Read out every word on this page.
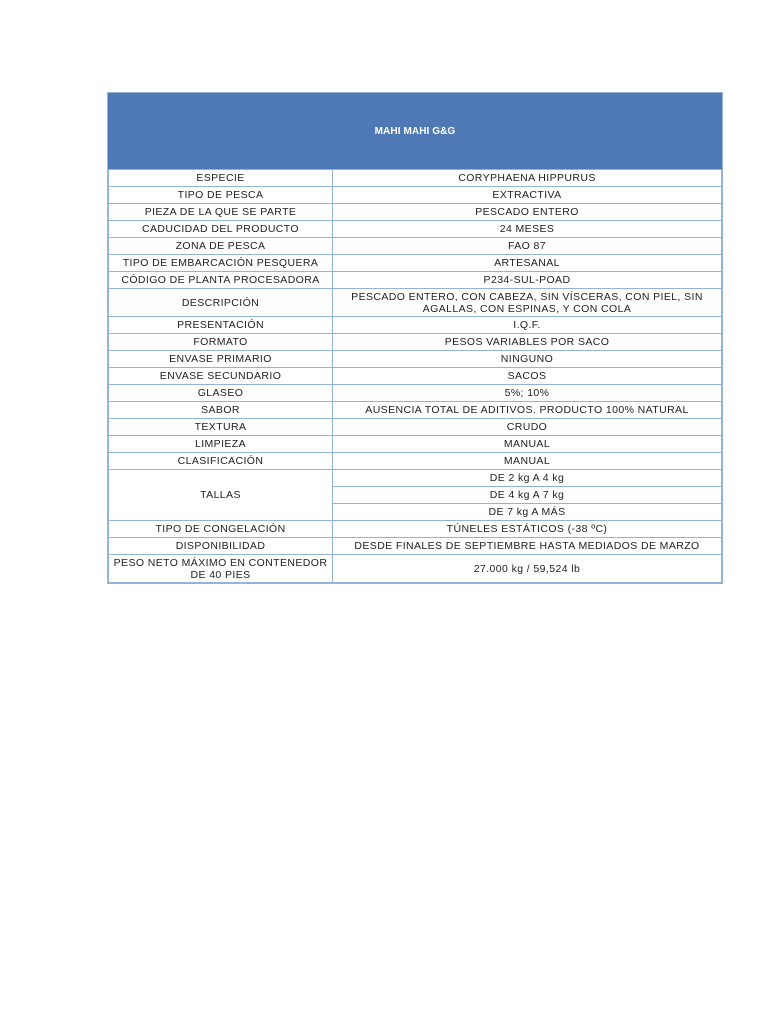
MAHI MAHI G&G
ESPECIE	CORYPHAENA HIPPURUS
TIPO DE PESCA	EXTRACTIVA
PIEZA DE LA QUE SE PARTE	PESCADO ENTERO
CADUCIDAD DEL PRODUCTO	24 MESES
ZONA DE PESCA	FAO 87
TIPO DE EMBARCACIÓN PESQUERA	ARTESANAL
CÓDIGO DE PLANTA PROCESADORA	P234-SUL-POAD
DESCRIPCIÓN	PESCADO ENTERO, CON CABEZA, SIN VÍSCERAS, CON PIEL, SIN AGALLAS, CON ESPINAS, Y CON COLA
PRESENTACIÓN	I.Q.F.
FORMATO	PESOS VARIABLES POR SACO
ENVASE PRIMARIO	NINGUNO
ENVASE SECUNDARIO	SACOS
GLASEO	5%; 10%
SABOR	AUSENCIA TOTAL DE ADITIVOS. PRODUCTO 100% NATURAL
TEXTURA	CRUDO
LIMPIEZA	MANUAL
CLASIFICACIÓN	MANUAL
TALLAS	DE 2 kg A 4 kg
	DE 4 kg A 7 kg
	DE 7 kg A MÁS
TIPO DE CONGELACIÓN	TÚNELES ESTÁTICOS (-38 ºC)
DISPONIBILIDAD	DESDE FINALES DE SEPTIEMBRE HASTA MEDIADOS DE MARZO
PESO NETO MÁXIMO EN CONTENEDOR DE 40 PIES	27.000 kg / 59,524 lb
